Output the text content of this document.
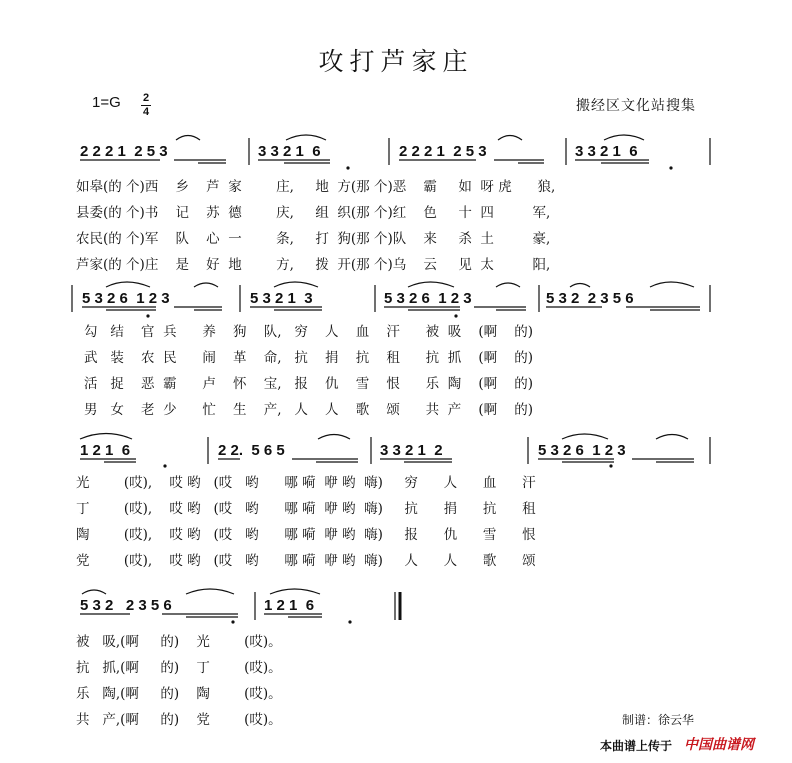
攻打芦家庄
1=G 2
4	搬经区文化站搜集
2 2 2 1  2 5 3	3 3 2 1  6	2 2 2 1  2 5 3	3 3 2 1  6
如皋(的 个)西    乡    芦  家        庄,     地  方(那 个)恶    霸     如  呀 虎      狼,
县委(的 个)书    记    苏  德        庆,     组  织(那 个)红    色     十  四         军,
农民(的 个)军    队    心  一        条,     打  狗(那 个)队    来     杀  土         豪,
芦家(的 个)庄    是    好  地        方,     拨  开(那 个)乌    云     见  太         阳,
5 3 2 6  1 2 3	5 3 2 1  3	5 3 2 6  1 2 3	5 3 2  2 3 5 6
勾   结    官  兵      养    狗    队,   穷    人    血    汗      被  吸    (啊    的)
武   装    农  民      闹    革    命,   抗    捐    抗    租      抗  抓    (啊    的)
活   捉    恶  霸      卢    怀    宝,   报    仇    雪    恨      乐  陶    (啊    的)
男   女    老  少      忙    生    产,   人    人    歌    颂      共  产    (啊    的)
1 2 1  6	2 2.  5 6 5	3 3 2 1  2	5 3 2 6  1 2 3
光        (哎),    哎 哟   (哎   哟      哪 嗬  咿 哟  嗨)     穷      人      血      汗
丁        (哎),    哎 哟   (哎   哟      哪 嗬  咿 哟  嗨)     抗      捐      抗      租
陶        (哎),    哎 哟   (哎   哟      哪 嗬  咿 哟  嗨)     报      仇      雪      恨
党        (哎),    哎 哟   (哎   哟      哪 嗬  咿 哟  嗨)     人      人      歌      颂
5 3 2   2 3 5 6	1 2 1  6
被   吸,(啊     的)    光        (哎)。
抗   抓,(啊     的)    丁        (哎)。
乐   陶,(啊     的)    陶        (哎)。
共   产,(啊     的)    党        (哎)。	制谱：徐云华
本曲谱上传于 中国曲谱网
